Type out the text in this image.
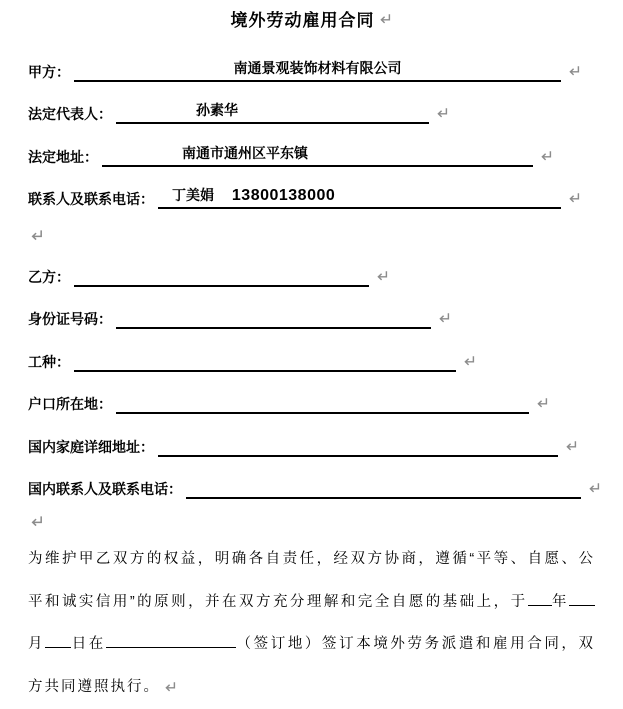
境外劳动雇用合同
甲方：	南通景观装饰材料有限公司
法定代表人：	孙素华
法定地址：	南通市通州区平东镇
联系人及联系电话：	丁美娟 13800138000
乙方：
身份证号码：
工种：
户口所在地：
国内家庭详细地址：
国内联系人及联系电话：
为维护甲乙双方的权益，明确各自责任，经双方协商，遵循“平等、自愿、公平和诚实信用”的原则，并在双方充分理解和完全自愿的基础上，于 年月 日在	（签订地）签订本境外劳务派遣和雇用合同，双方共同遵照执行。
